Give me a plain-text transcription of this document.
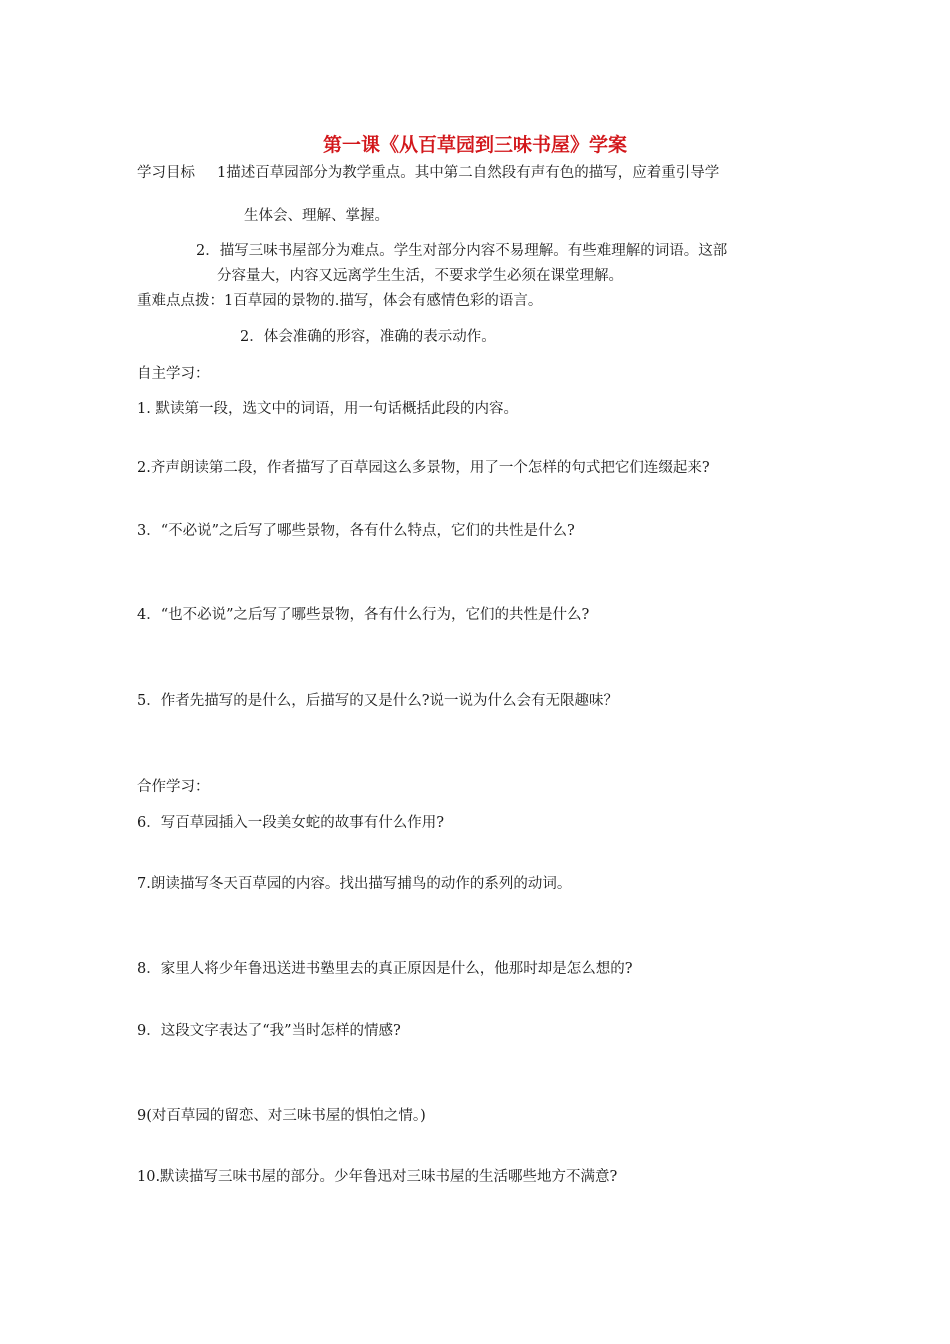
第一课《从百草园到三味书屋》学案
学习目标 1描述百草园部分为教学重点。其中第二自然段有声有色的描写，应着重引导学
生体会、理解、掌握。
2．描写三味书屋部分为难点。学生对部分内容不易理解。有些难理解的词语。这部
分容量大，内容又远离学生生活，不要求学生必须在课堂理解。
重难点点拨：1百草园的景物的.描写，体会有感情色彩的语言。
2．体会准确的形容，准确的表示动作。
自主学习：
1. 默读第一段，选文中的词语，用一句话概括此段的内容。
2.齐声朗读第二段，作者描写了百草园这么多景物，用了一个怎样的句式把它们连缀起来?
3．“不必说”之后写了哪些景物，各有什么特点，它们的共性是什么?
4．“也不必说”之后写了哪些景物，各有什么行为，它们的共性是什么?
5．作者先描写的是什么，后描写的又是什么?说一说为什么会有无限趣味？
合作学习：
6．写百草园插入一段美女蛇的故事有什么作用?
7.朗读描写冬天百草园的内容。找出描写捕鸟的动作的系列的动词。
8．家里人将少年鲁迅送进书塾里去的真正原因是什么，他那时却是怎么想的?
9．这段文字表达了“我”当时怎样的情感?
9(对百草园的留恋、对三味书屋的惧怕之情。)
10.默读描写三味书屋的部分。少年鲁迅对三味书屋的生活哪些地方不满意?
